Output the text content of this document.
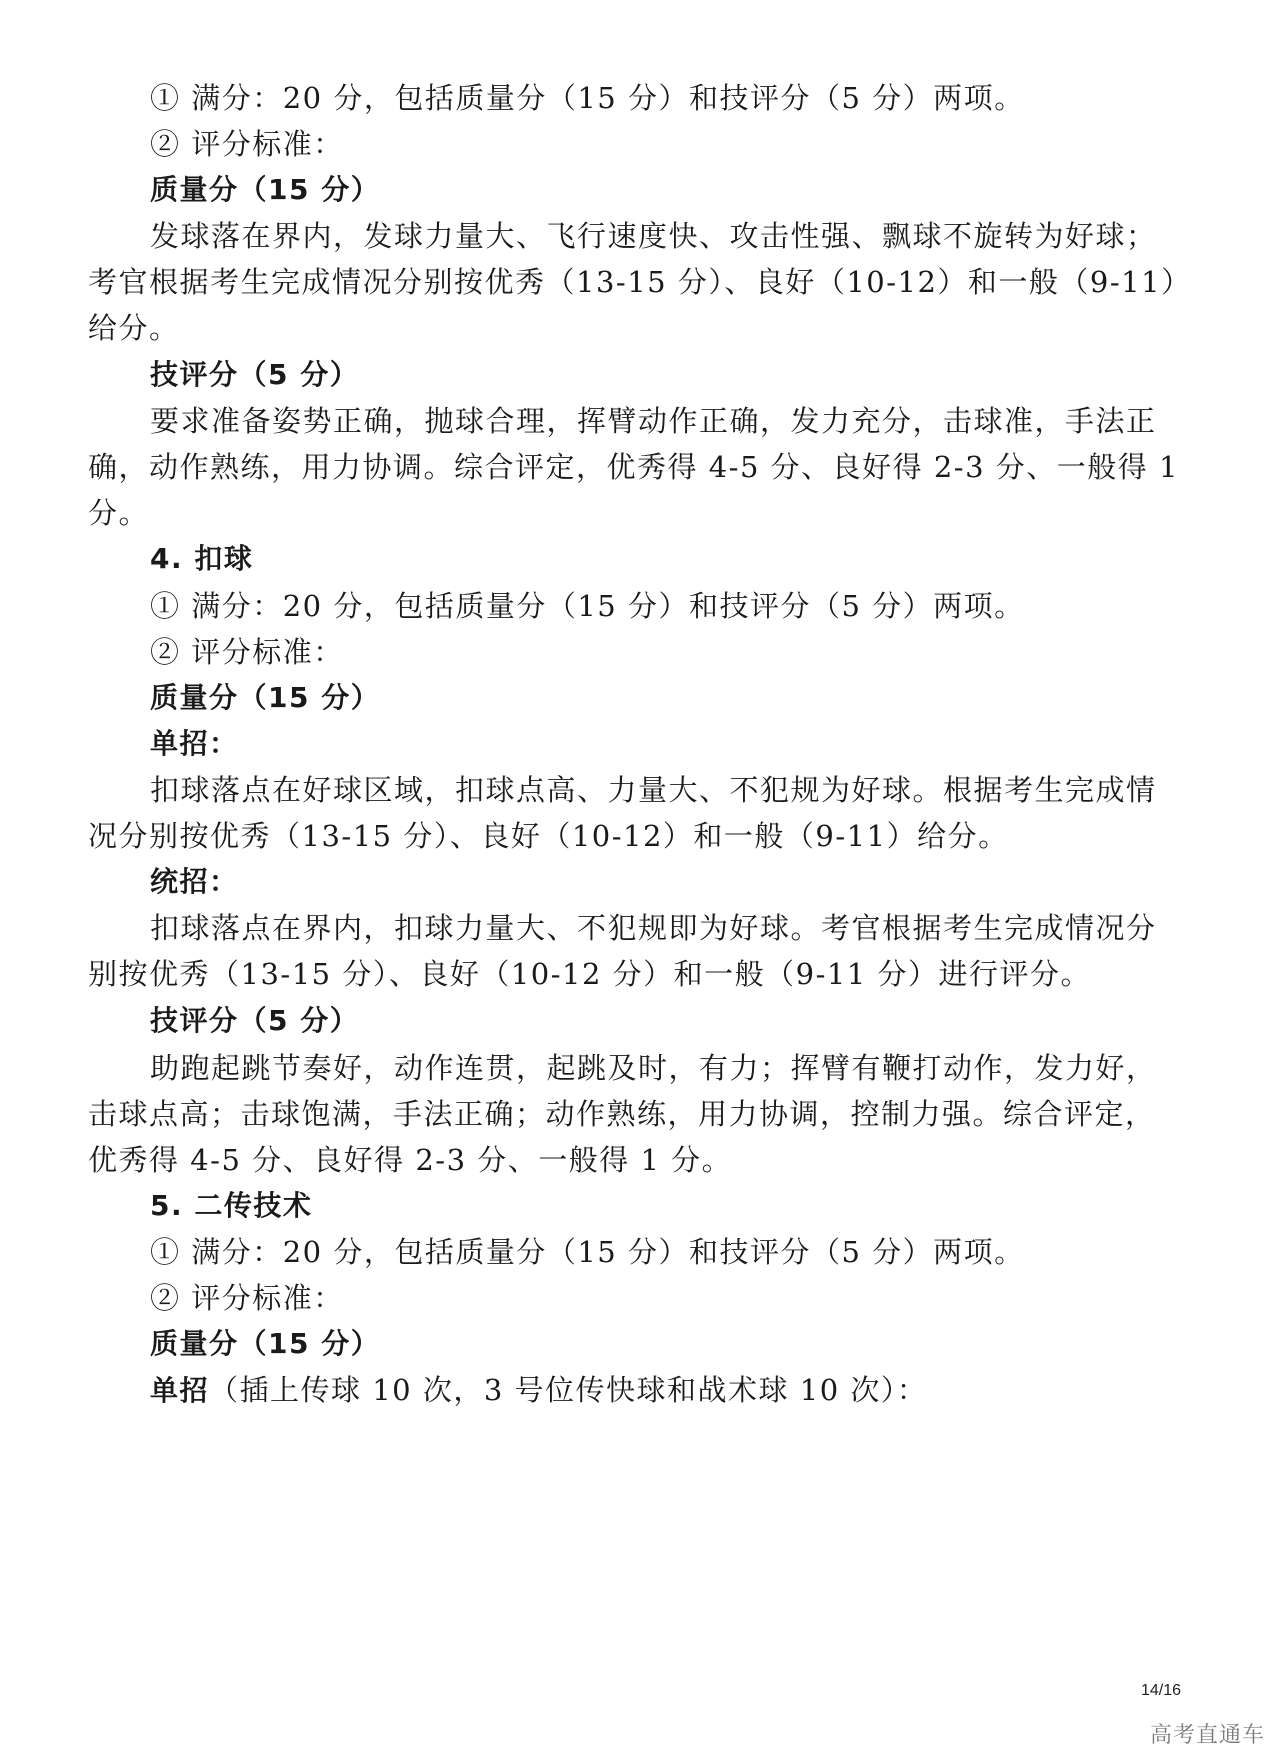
① 满分：20 分，包括质量分（15 分）和技评分（5 分）两项。
② 评分标准：
质量分（15 分）
发球落在界内，发球力量大、飞行速度快、攻击性强、飘球不旋转为好球；
考官根据考生完成情况分别按优秀（13-15 分）、良好（10-12）和一般（9-11）
给分。
技评分（5 分）
要求准备姿势正确，抛球合理，挥臂动作正确，发力充分，击球准，手法正
确，动作熟练，用力协调。综合评定，优秀得 4-5 分、良好得 2-3 分、一般得 1
分。
4. 扣球
① 满分：20 分，包括质量分（15 分）和技评分（5 分）两项。
② 评分标准：
质量分（15 分）
单招：
扣球落点在好球区域，扣球点高、力量大、不犯规为好球。根据考生完成情
况分别按优秀（13-15 分）、良好（10-12）和一般（9-11）给分。
统招：
扣球落点在界内，扣球力量大、不犯规即为好球。考官根据考生完成情况分
别按优秀（13-15 分）、良好（10-12 分）和一般（9-11 分）进行评分。
技评分（5 分）
助跑起跳节奏好，动作连贯，起跳及时，有力；挥臂有鞭打动作，发力好，
击球点高；击球饱满，手法正确；动作熟练，用力协调，控制力强。综合评定，
优秀得 4-5 分、良好得 2-3 分、一般得 1 分。
5. 二传技术
① 满分：20 分，包括质量分（15 分）和技评分（5 分）两项。
② 评分标准：
质量分（15 分）
单招（插上传球 10 次，3 号位传快球和战术球 10 次）：
14/16
高考直通车
